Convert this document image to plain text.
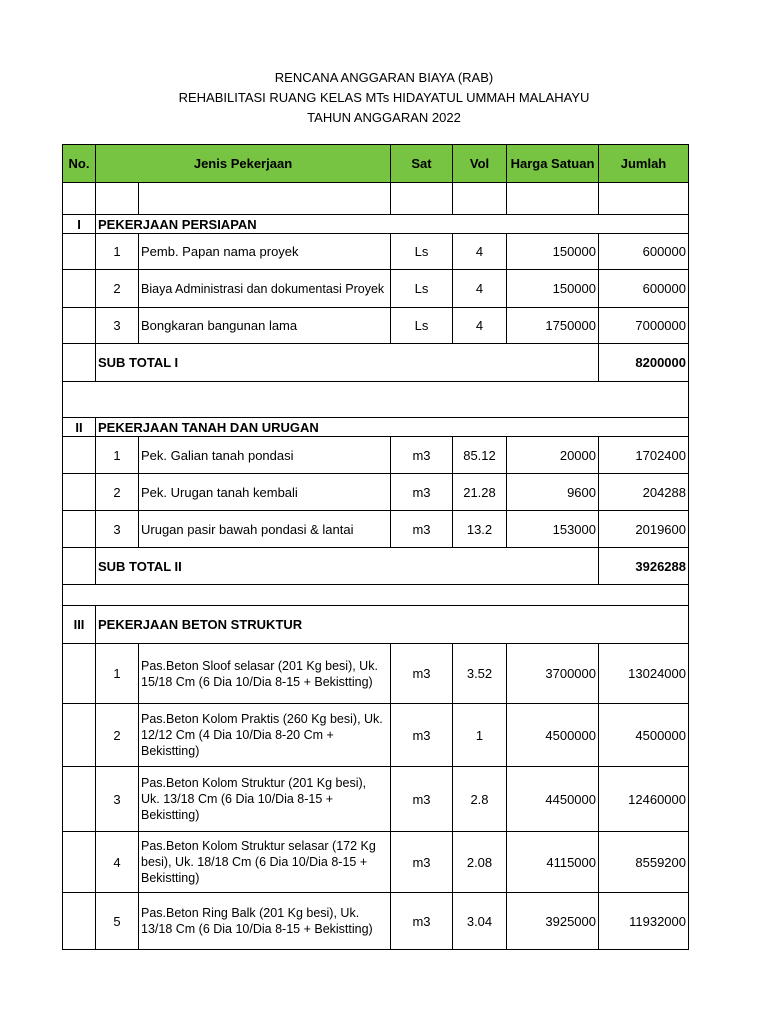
RENCANA ANGGARAN BIAYA (RAB)
REHABILITASI RUANG KELAS MTs HIDAYATUL UMMAH MALAHAYU
TAHUN ANGGARAN 2022
No.	Jenis Pekerjaan		Sat	Vol	Harga Satuan	Jumlah

I	PEKERJAAN PERSIAPAN					
	1	Pemb. Papan nama proyek	Ls	4	150000	600000
	2	Biaya Administrasi dan dokumentasi Proyek	Ls	4	150000	600000
	3	Bongkaran bangunan lama	Ls	4	1750000	7000000
	SUB TOTAL I					8200000

II	PEKERJAAN TANAH DAN URUGAN					
	1	Pek. Galian tanah pondasi	m3	85.12	20000	1702400
	2	Pek. Urugan tanah kembali	m3	21.28	9600	204288
	3	Urugan pasir bawah pondasi & lantai	m3	13.2	153000	2019600
	SUB TOTAL II					3926288

III	PEKERJAAN BETON STRUKTUR					
	1	Pas.Beton Sloof selasar (201 Kg besi), Uk. 15/18 Cm (6 Dia 10/Dia 8-15 + Bekistting)	m3	3.52	3700000	13024000
	2	Pas.Beton Kolom Praktis (260 Kg besi), Uk. 12/12 Cm (4 Dia 10/Dia 8-20 Cm + Bekistting)	m3	1	4500000	4500000
	3	Pas.Beton Kolom Struktur (201 Kg besi), Uk. 13/18 Cm (6 Dia 10/Dia 8-15 + Bekistting)	m3	2.8	4450000	12460000
	4	Pas.Beton Kolom Struktur selasar (172 Kg besi), Uk. 18/18 Cm (6 Dia 10/Dia 8-15 + Bekistting)	m3	2.08	4115000	8559200
	5	Pas.Beton Ring Balk (201 Kg besi), Uk. 13/18 Cm (6 Dia 10/Dia 8-15 + Bekistting)	m3	3.04	3925000	11932000
